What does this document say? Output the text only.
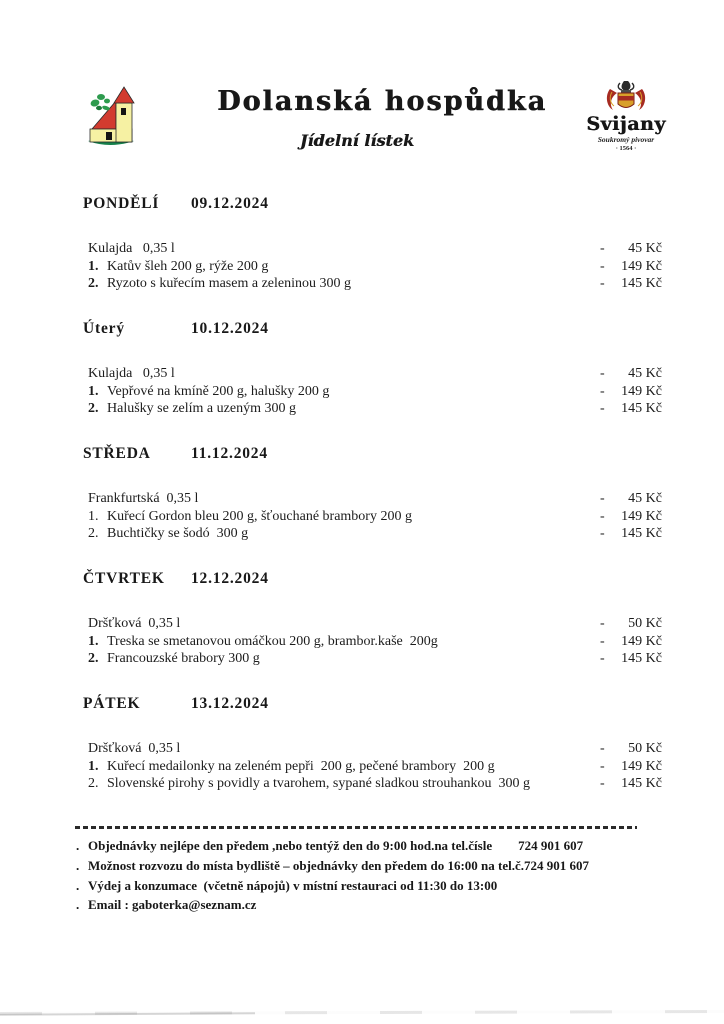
Dolanská hospůdka
Jídelní lístek
Svijany
Soukromý pivovar
· 1564 ·
PONDĚLÍ 09.12.2024
Kulajda   0,35 l	-	45 Kč
1. Katův šleh 200 g, rýže 200 g	-	149 Kč
2. Ryzoto s kuřecím masem a zeleninou 300 g	-	145 Kč
Úterý	10.12.2024
Kulajda   0,35 l	-	45 Kč
1. Vepřové na kmíně 200 g, halušky 200 g	-	149 Kč
2. Halušky se zelím a uzeným 300 g	-	145 Kč
STŘEDA	11.12.2024
Frankfurtská  0,35 l	-	45 Kč
1. Kuřecí Gordon bleu 200 g, šťouchané brambory 200 g	-	149 Kč
2. Buchtičky se šodó  300 g	-	145 Kč
ČTVRTEK 12.12.2024
Dršťková  0,35 l	-	50 Kč
1. Treska se smetanovou omáčkou 200 g, brambor.kaše  200g	-	149 Kč
2. Francouzské brabory 300 g	-	145 Kč
PÁTEK	13.12.2024
Dršťková  0,35 l	-	50 Kč
1. Kuřecí medailonky na zeleném pepři  200 g, pečené brambory  200 g	-	149 Kč
2. Slovenské pirohy s povidly a tvarohem, sypané sladkou strouhankou  300 g	-	145 Kč
. Objednávky nejlépe den předem ,nebo tentýž den do 9:00 hod.na tel.čísle 724 901 607
. Možnost rozvozu do místa bydliště – objednávky den předem do 16:00 na tel.č.724 901 607
. Výdej a konzumace  (včetně nápojů) v místní restauraci od 11:30 do 13:00
. Email : gaboterka@seznam.cz
